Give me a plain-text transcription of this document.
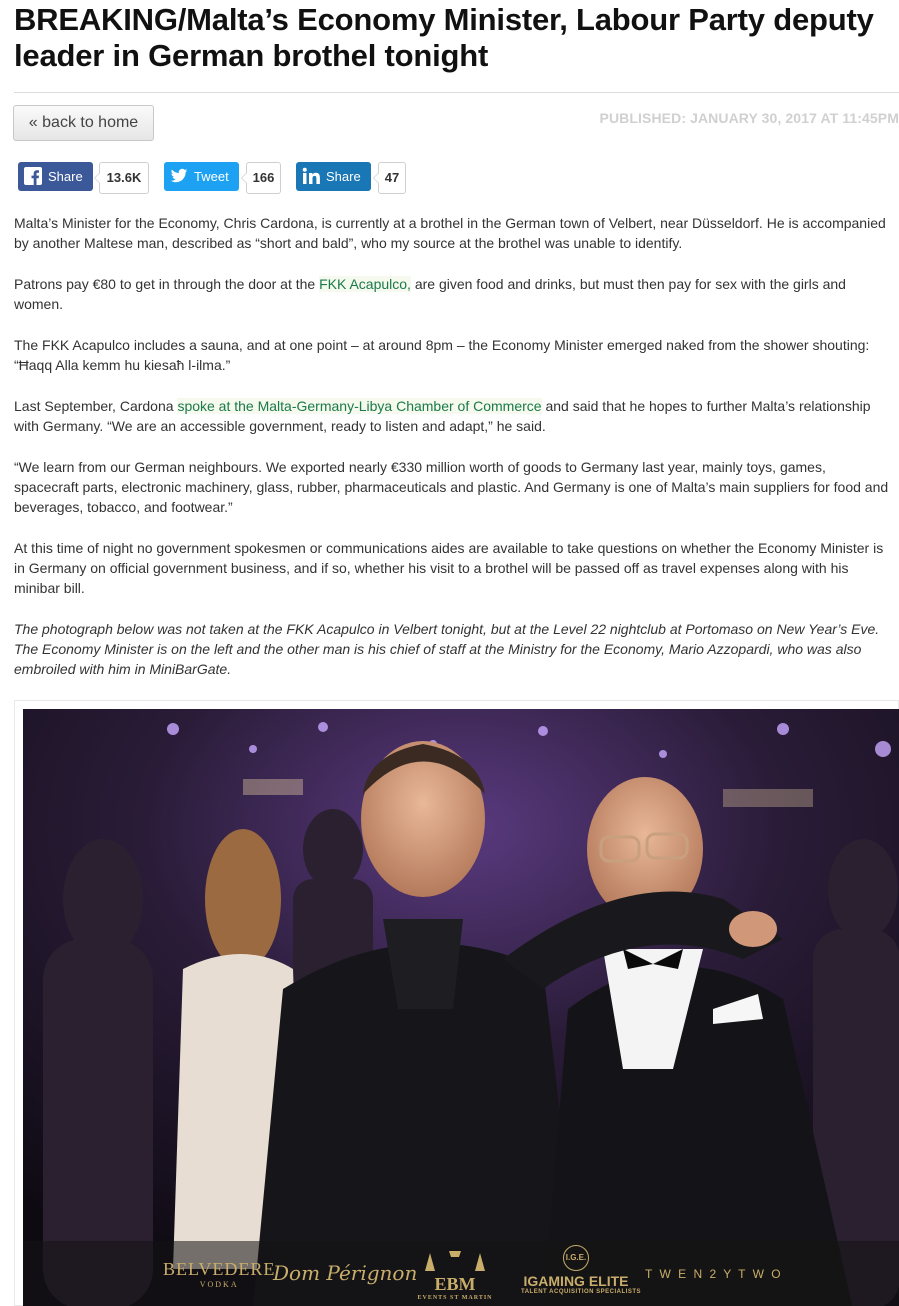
BREAKING/Malta’s Economy Minister, Labour Party deputy leader in German brothel tonight
« back to home	PUBLISHED: JANUARY 30, 2017 AT 11:45PM
Share	13.6K	Tweet	166	Share	47

Malta’s Minister for the Economy, Chris Cardona, is currently at a brothel in the German town of Velbert, near Düsseldorf. He is accompanied by another Maltese man, described as “short and bald”, who my source at the brothel was unable to identify.

Patrons pay €80 to get in through the door at the FKK Acapulco, are given food and drinks, but must then pay for sex with the girls and women.

The FKK Acapulco includes a sauna, and at one point – at around 8pm – the Economy Minister emerged naked from the shower shouting: “Ħaqq Alla kemm hu kiesaħ l-ilma.”

Last September, Cardona spoke at the Malta-Germany-Libya Chamber of Commerce and said that he hopes to further Malta’s relationship with Germany. “We are an accessible government, ready to listen and adapt,” he said.

“We learn from our German neighbours. We exported nearly €330 million worth of goods to Germany last year, mainly toys, games, spacecraft parts, electronic machinery, glass, rubber, pharmaceuticals and plastic. And Germany is one of Malta’s main suppliers for food and beverages, tobacco, and footwear.”

At this time of night no government spokesmen or communications aides are available to take questions on whether the Economy Minister is in Germany on official government business, and if so, whether his visit to a brothel will be passed off as travel expenses along with his minibar bill.

The photograph below was not taken at the FKK Acapulco in Velbert tonight, but at the Level 22 nightclub at Portomaso on New Year’s Eve. The Economy Minister is on the left and the other man is his chief of staff at the Ministry for the Economy, Mario Azzopardi, who was also embroiled with him in MiniBarGate.

BELVEDERE
VODKA	Dom Pérignon EBM
EVENTS ST MARTIN
I.G.E.
IGAMING ELITE
TALENT ACQUISITION SPECIALISTS
T W E N 2 Y T W O
